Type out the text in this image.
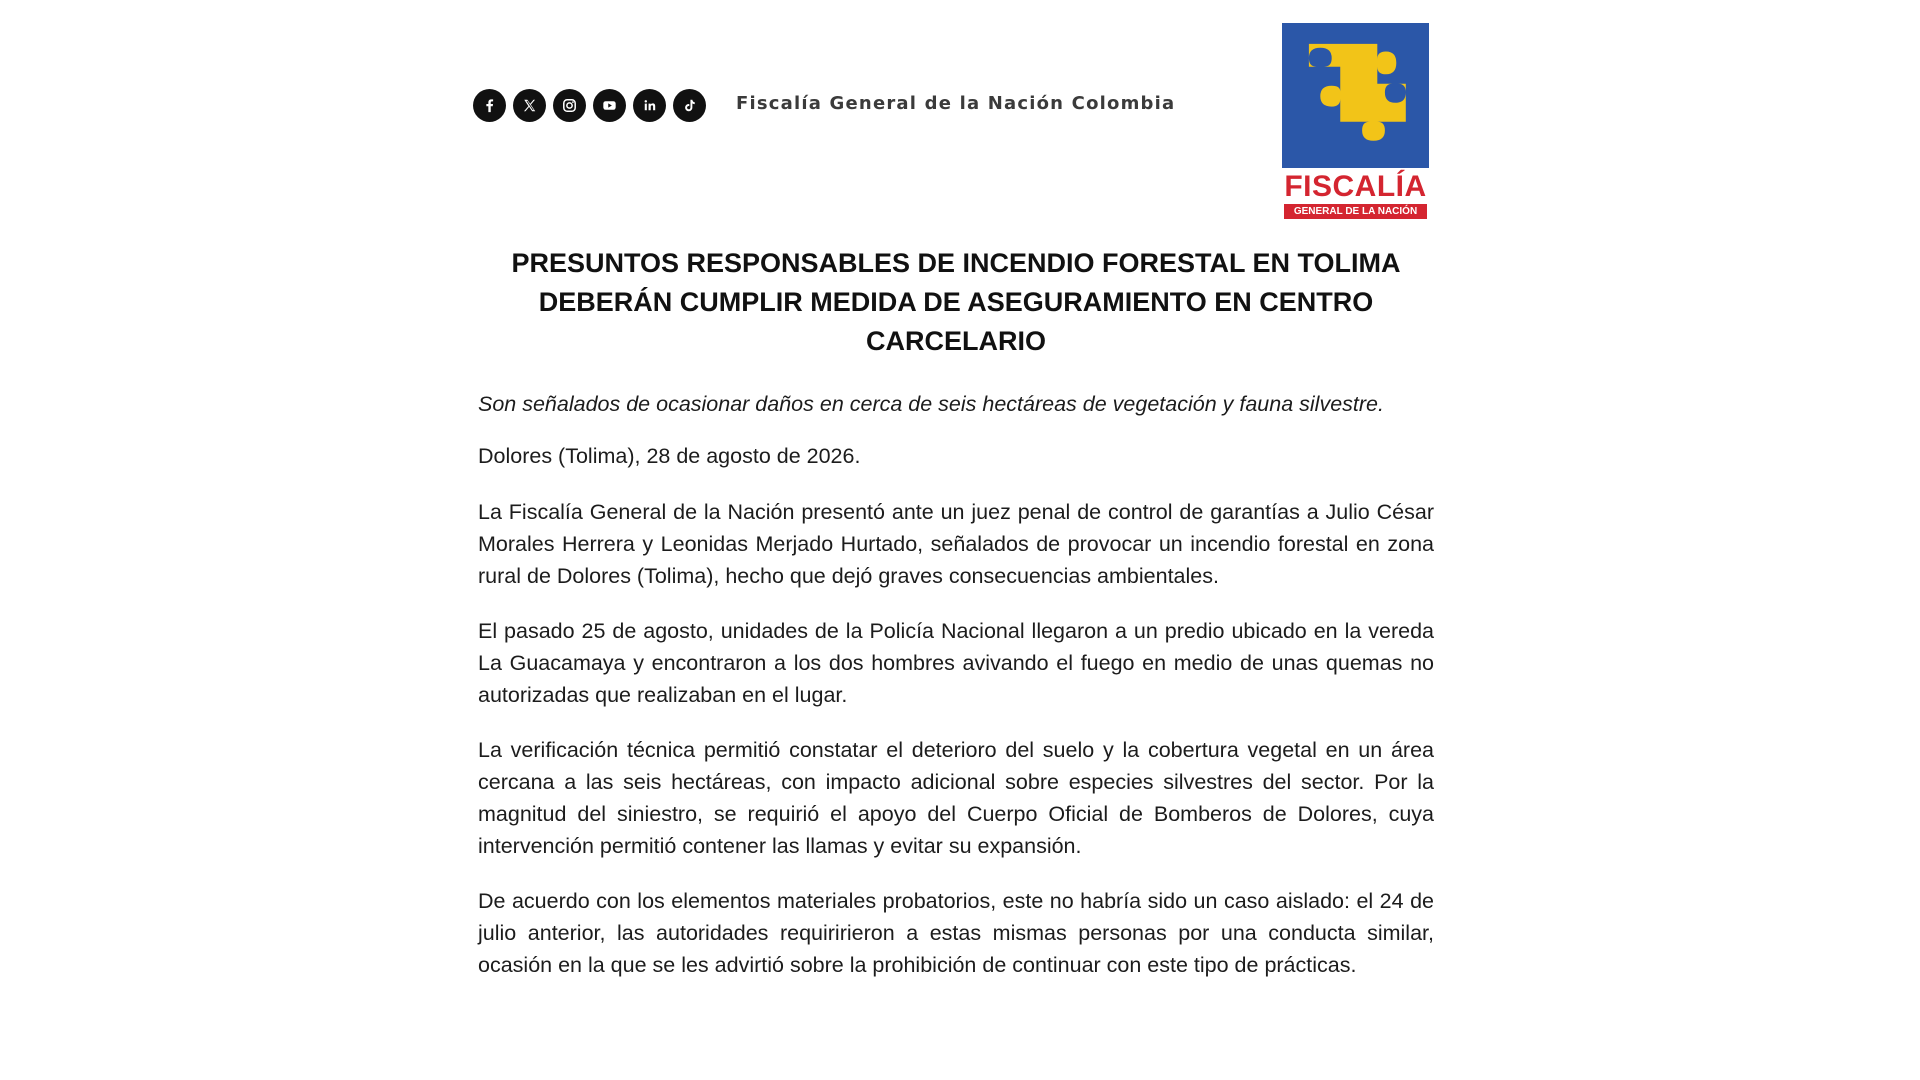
Fiscalía General de la Nación Colombia
FISCALÍA
GENERAL DE LA NACIÓN
PRESUNTOS RESPONSABLES DE INCENDIO FORESTAL EN TOLIMA DEBERÁN CUMPLIR MEDIDA DE ASEGURAMIENTO EN CENTRO CARCELARIO

Son señalados de ocasionar daños en cerca de seis hectáreas de vegetación y fauna silvestre.

Dolores (Tolima), 28 de agosto de 2026.

La Fiscalía General de la Nación presentó ante un juez penal de control de garantías a Julio César Morales Herrera y Leonidas Merjado Hurtado, señalados de provocar un incendio forestal en zona rural de Dolores (Tolima), hecho que dejó graves consecuencias ambientales.

El pasado 25 de agosto, unidades de la Policía Nacional llegaron a un predio ubicado en la vereda La Guacamaya y encontraron a los dos hombres avivando el fuego en medio de unas quemas no autorizadas que realizaban en el lugar.

La verificación técnica permitió constatar el deterioro del suelo y la cobertura vegetal en un área cercana a las seis hectáreas, con impacto adicional sobre especies silvestres del sector. Por la magnitud del siniestro, se requirió el apoyo del Cuerpo Oficial de Bomberos de Dolores, cuya intervención permitió contener las llamas y evitar su expansión.

De acuerdo con los elementos materiales probatorios, este no habría sido un caso aislado: el 24 de julio anterior, las autoridades requiririeron a estas mismas personas por una conducta similar, ocasión en la que se les advirtió sobre la prohibición de continuar con este tipo de prácticas.
